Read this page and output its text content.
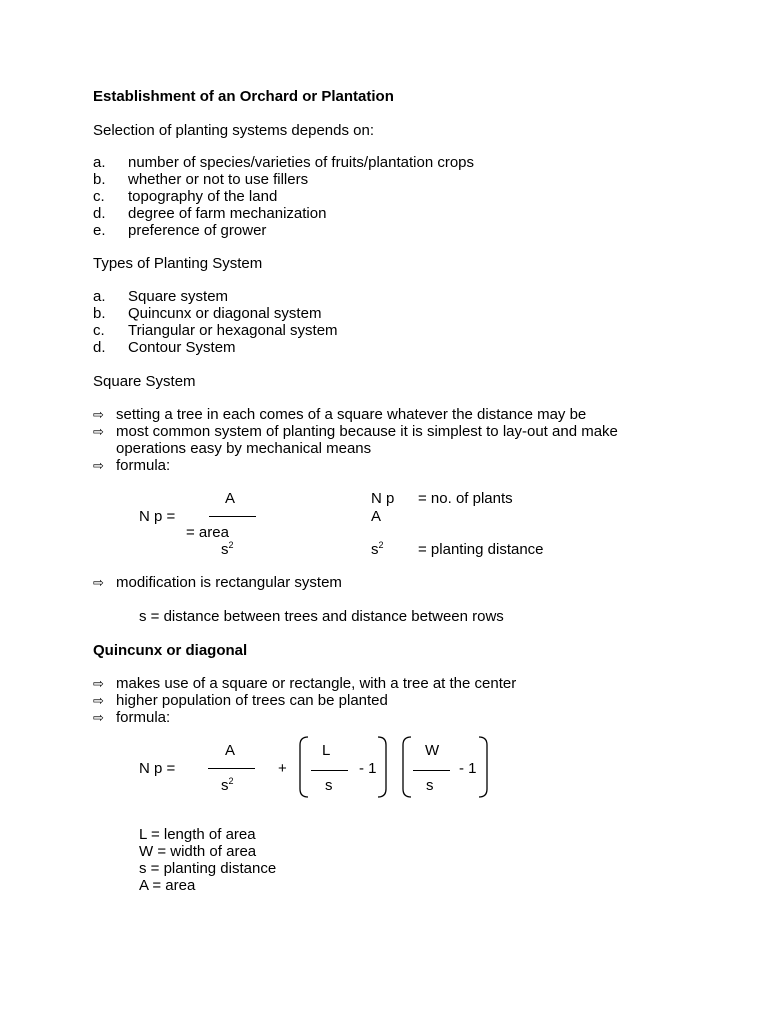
Establishment of an Orchard or Plantation
Selection of planting systems depends on:
a. number of species/varieties of fruits/plantation crops
b. whether or not to use fillers
c. topography of the land
d. degree of farm mechanization
e. preference of grower
Types of Planting System
a. Square system
b. Quincunx or diagonal system
c. Triangular or hexagonal system
d. Contour System
Square System
⇨ setting a tree in each comes of a square whatever the distance may be
⇨ most common system of planting because it is simplest to lay-out and make operations easy by mechanical means
⇨ formula:
A
N p =
= area
$s^2$
N p = no. of plants
A
$s^2$ = planting distance
⇨ modification is rectangular system
s = distance between trees and distance between rows
Quincunx or diagonal
⇨ makes use of a square or rectangle, with a tree at the center
⇨ higher population of trees can be planted
⇨ formula:
N p =
A
$s^2$
+
L
s
- 1
W
s
- 1
L = length of area
W = width of area
s = planting distance
A = area
